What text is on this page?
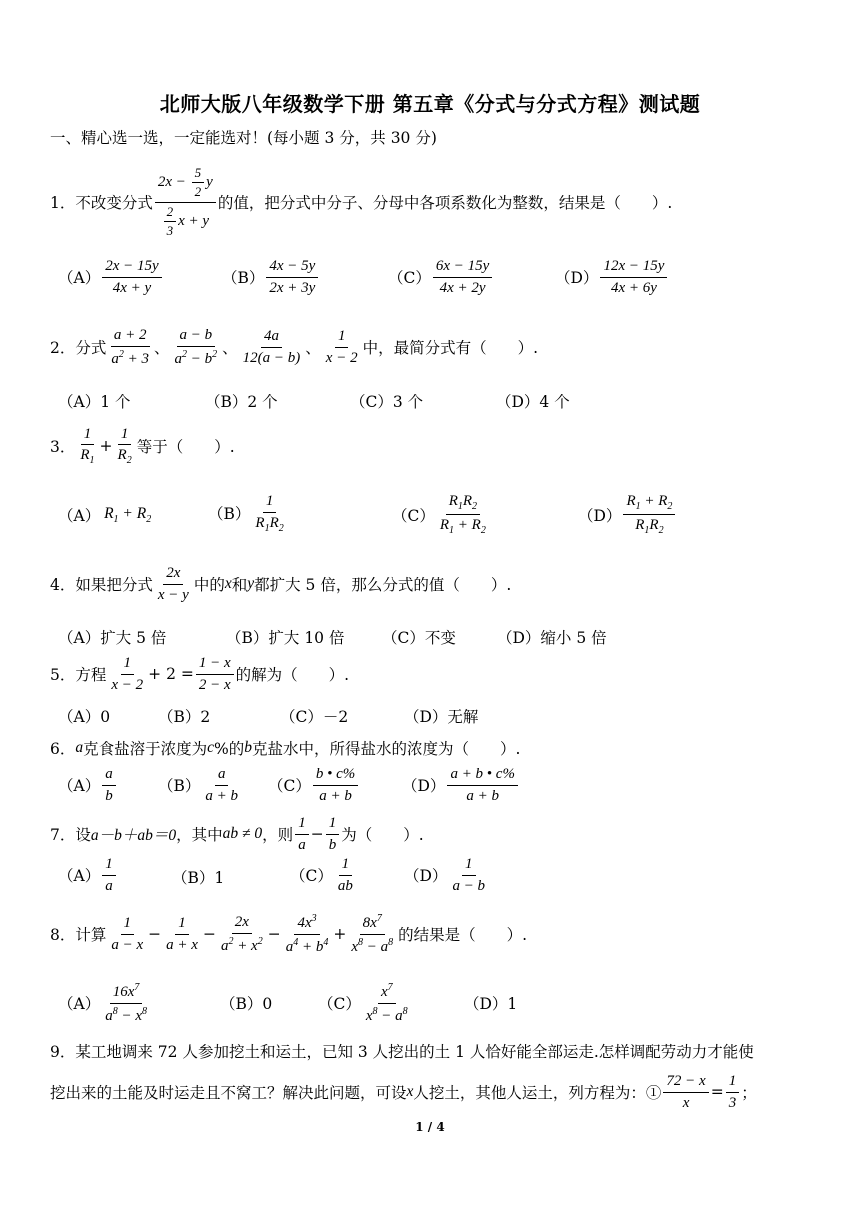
北师大版八年级数学下册 第五章《分式与分式方程》测试题
一、精心选一选，一定能选对！(每小题 3 分，共 30 分)
1．不改变分式 $\frac{2x - \frac{5}{2} y}{\frac{2}{3} x + y}$ 的值，把分式中分子、分母中各项系数化为整数，结果是（　　）.
$(A) \frac{2x - 15y}{4x + y}$	$(B) \frac{4x - 5y}{2x + 3y}$	$(C) \frac{6x - 15y}{4x + 2y}$	$(D) \frac{12x - 15y}{4x + 6y}$
2．分式 $\frac{a + 2}{a^2 + 3}$ 、 $\frac{a - b}{a^2 - b^2}$ 、 $\frac{4a}{12(a - b)}$ 、 $\frac{1}{x - 2}$ 中，最简分式有（　　）.
（A）1 个	（B）2 个	（C）3 个	（D）4 个
3． $\frac{1}{R_1} + \frac{1}{R_2}$ 等于（　　）.
（A） $R_1 + R_2$	$(B) \frac{1}{R_1R_2}$	$(C) \frac{R_1R_2}{R_1 + R_2}$	$(D) \frac{R_1 + R_2}{R_1R_2}$
4．如果把分式 $\frac{2x}{x - y}$ 中的 x 和 y 都扩大 5 倍，那么分式的值（　　）.
（A）扩大 5 倍	（B）扩大 10 倍 （C）不变	（D）缩小 5 倍
5．方程 $\frac{1}{x - 2} + 2 = \frac{1 - x}{2 - x}$ 的解为（　　）.
（A）0	（B）2	（C）－2	（D）无解
6． a 克食盐溶于浓度为 c %的 b 克盐水中，所得盐水的浓度为（　　）.
$(A) \frac{a}{b}$	$(B) \frac{a}{a + b} (C) \frac{b • c\%}{a + b}$	$(D) \frac{a + b • c\%}{a + b}$
7．设 a－b＋ab＝0 ，其中 ab ≠ 0 ，则 $\frac{1}{a} - \frac{1}{b}$ 为（　　）.
$(A) \frac{1}{a}$	（B）1	$(C) \frac{1}{ab}$	$(D) \frac{1}{a - b}$
8．计算 $\frac{1}{a - x} - \frac{1}{a + x} - \frac{2x}{a^2 + x^2} - \frac{4x^3}{a^4 + b^4} + \frac{8x^7}{x^8 - a^8}$ 的结果是（　　）.
$(A) \frac{16x^7}{a^8 - x^8}$	（B）0	$(C) \frac{x^7}{x^8 - a^8}$	（D）1
9．某工地调来 72 人参加挖土和运土，已知 3 人挖出的土 1 人恰好能全部运走.怎样调配劳动力才能使
挖出来的土能及时运走且不窝工？解决此问题，可设 x 人挖土，其他人运土，列方程为：① $\frac{72 - x}{x} = \frac{1}{3}$ ；
1 / 4
